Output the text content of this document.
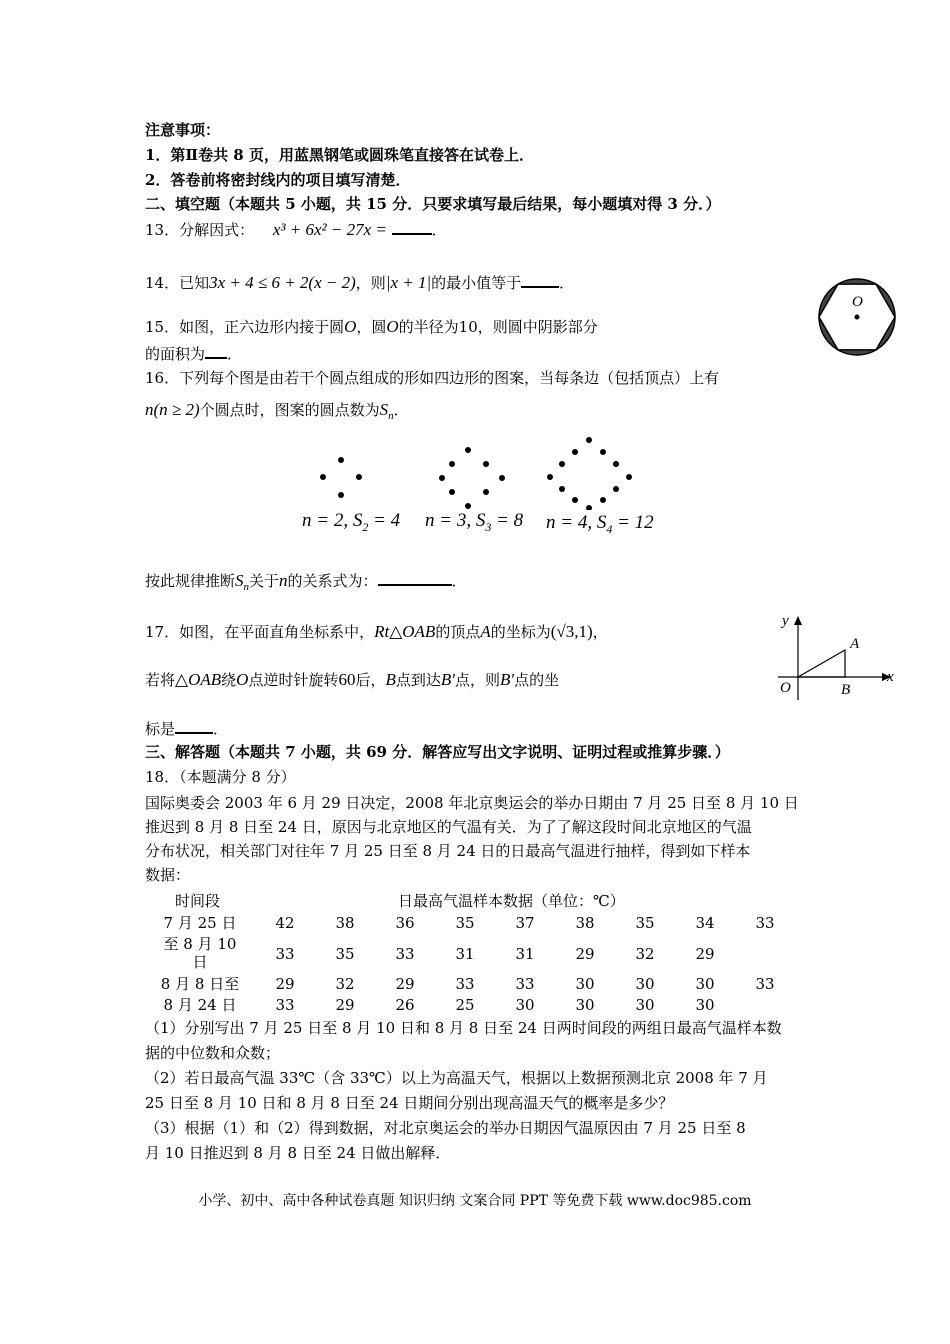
注意事项：
1．第Ⅱ卷共 8 页，用蓝黑钢笔或圆珠笔直接答在试卷上．
2．答卷前将密封线内的项目填写清楚．
二、填空题（本题共 5 小题，共 15 分．只要求填写最后结果，每小题填对得 3 分．）
13．分解因式： x³ + 6x² − 27x =	．
14．已知3x + 4 ≤ 6 + 2(x − 2)，则|x + 1|的最小值等于	．
15．如图，正六边形内接于圆O，圆O的半径为10，则圆中阴影部分
的面积为 ．
O
16．下列每个图是由若干个圆点组成的形如四边形的图案，当每条边（包括顶点）上有
n(n ≥ 2)个圆点时，图案的圆点数为$S_n$．
n = 2, $S_2 = 4$ n = 3, $S_3 = 8$ n = 4, $S_4 = 12$
按此规律推断$S_n$关于n的关系式为：	．
17．如图，在平面直角坐标系中，Rt△OAB的顶点A的坐标为(√3,1)，
若将△OAB绕O点逆时针旋转60后，B点到达B′点，则B′点的坐
标是	．
y
x
A
O	B
三、解答题（本题共 7 小题，共 69 分．解答应写出文字说明、证明过程或推算步骤．）
18．（本题满分 8 分）
国际奥委会 2003 年 6 月 29 日决定，2008 年北京奥运会的举办日期由 7 月 25 日至 8 月 10 日
推迟到 8 月 8 日至 24 日，原因与北京地区的气温有关．为了了解这段时间北京地区的气温
分布状况，相关部门对往年 7 月 25 日至 8 月 24 日的日最高气温进行抽样，得到如下样本
数据：
时间段	日最高气温样本数据（单位：℃）
7 月 25 日	42	38	36	35	37	38	35	34	33
至 8 月 10
日
		33	35	33	31	31	29	32	29	
8 月 8 日至	29	32	29	33	33	30	30	30	33
8 月 24 日	33	29	26	25	30	30	30	30	
（1）分别写出 7 月 25 日至 8 月 10 日和 8 月 8 日至 24 日两时间段的两组日最高气温样本数
据的中位数和众数；
（2）若日最高气温 33℃（含 33℃）以上为高温天气，根据以上数据预测北京 2008 年 7 月
25 日至 8 月 10 日和 8 月 8 日至 24 日期间分别出现高温天气的概率是多少？
（3）根据（1）和（2）得到数据，对北京奥运会的举办日期因气温原因由 7 月 25 日至 8
月 10 日推迟到 8 月 8 日至 24 日做出解释．
小学、初中、高中各种试卷真题 知识归纳 文案合同 PPT 等免费下载 www.doc985.com
